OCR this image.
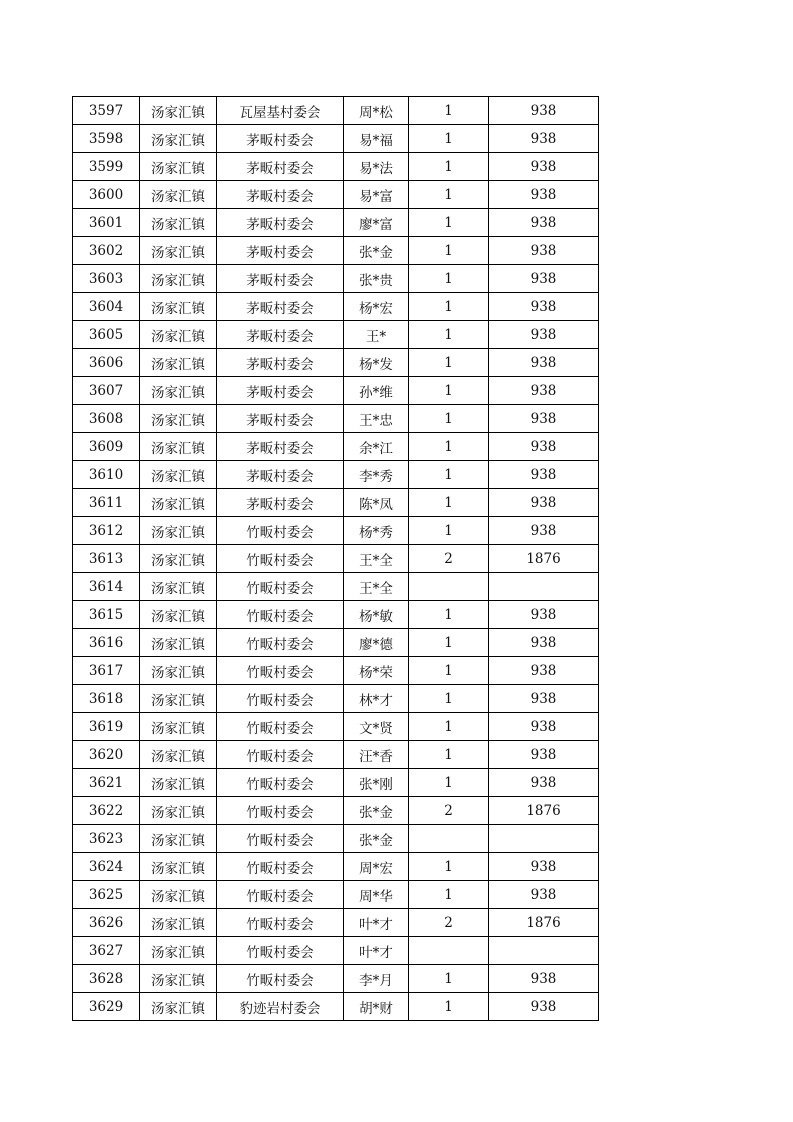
3597	汤家汇镇	瓦屋基村委会	周*松	1	938
3598	汤家汇镇	茅畈村委会	易*福	1	938
3599	汤家汇镇	茅畈村委会	易*法	1	938
3600	汤家汇镇	茅畈村委会	易*富	1	938
3601	汤家汇镇	茅畈村委会	廖*富	1	938
3602	汤家汇镇	茅畈村委会	张*金	1	938
3603	汤家汇镇	茅畈村委会	张*贵	1	938
3604	汤家汇镇	茅畈村委会	杨*宏	1	938
3605	汤家汇镇	茅畈村委会	王*	1	938
3606	汤家汇镇	茅畈村委会	杨*发	1	938
3607	汤家汇镇	茅畈村委会	孙*维	1	938
3608	汤家汇镇	茅畈村委会	王*忠	1	938
3609	汤家汇镇	茅畈村委会	余*江	1	938
3610	汤家汇镇	茅畈村委会	李*秀	1	938
3611	汤家汇镇	茅畈村委会	陈*凤	1	938
3612	汤家汇镇	竹畈村委会	杨*秀	1	938
3613	汤家汇镇	竹畈村委会	王*全	2	1876
3614	汤家汇镇	竹畈村委会	王*全		
3615	汤家汇镇	竹畈村委会	杨*敏	1	938
3616	汤家汇镇	竹畈村委会	廖*德	1	938
3617	汤家汇镇	竹畈村委会	杨*荣	1	938
3618	汤家汇镇	竹畈村委会	林*才	1	938
3619	汤家汇镇	竹畈村委会	文*贤	1	938
3620	汤家汇镇	竹畈村委会	汪*香	1	938
3621	汤家汇镇	竹畈村委会	张*刚	1	938
3622	汤家汇镇	竹畈村委会	张*金	2	1876
3623	汤家汇镇	竹畈村委会	张*金		
3624	汤家汇镇	竹畈村委会	周*宏	1	938
3625	汤家汇镇	竹畈村委会	周*华	1	938
3626	汤家汇镇	竹畈村委会	叶*才	2	1876
3627	汤家汇镇	竹畈村委会	叶*才		
3628	汤家汇镇	竹畈村委会	李*月	1	938
3629	汤家汇镇	豹迹岩村委会	胡*财	1	938
